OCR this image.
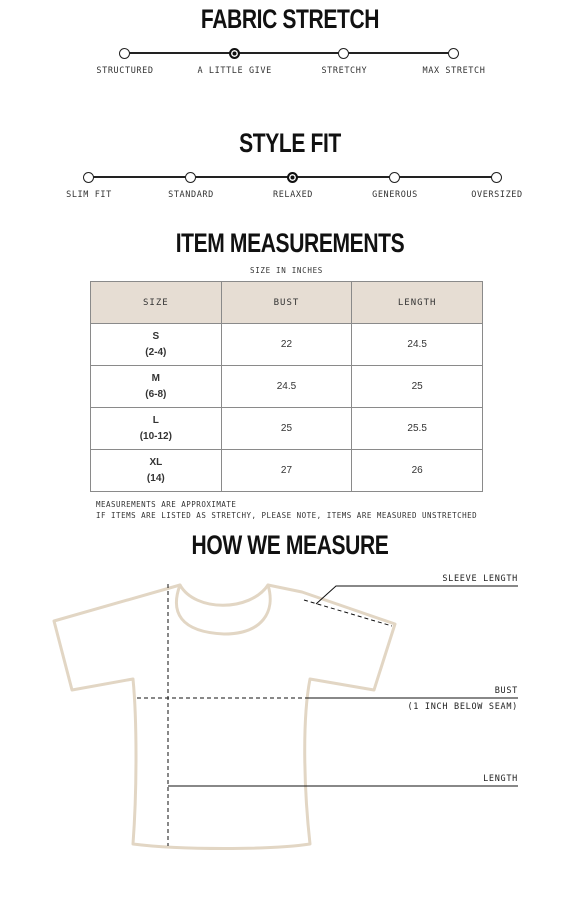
FABRIC STRETCH
STRUCTURED	A LITTLE GIVE	STRETCHY	MAX STRETCH
STYLE FIT
SLIM FIT	STANDARD	RELAXED	GENEROUS	OVERSIZED
ITEM MEASUREMENTS
SIZE IN INCHES
SIZE	BUST	LENGTH
S
(2-4)	22	24.5
M
(6-8)	24.5	25
L
(10-12)	25	25.5
XL
(14)	27	26
MEASUREMENTS ARE APPROXIMATE
IF ITEMS ARE LISTED AS STRETCHY, PLEASE NOTE, ITEMS ARE MEASURED UNSTRETCHED
HOW WE MEASURE
SLEEVE LENGTH
BUST
(1 INCH BELOW SEAM)
LENGTH
